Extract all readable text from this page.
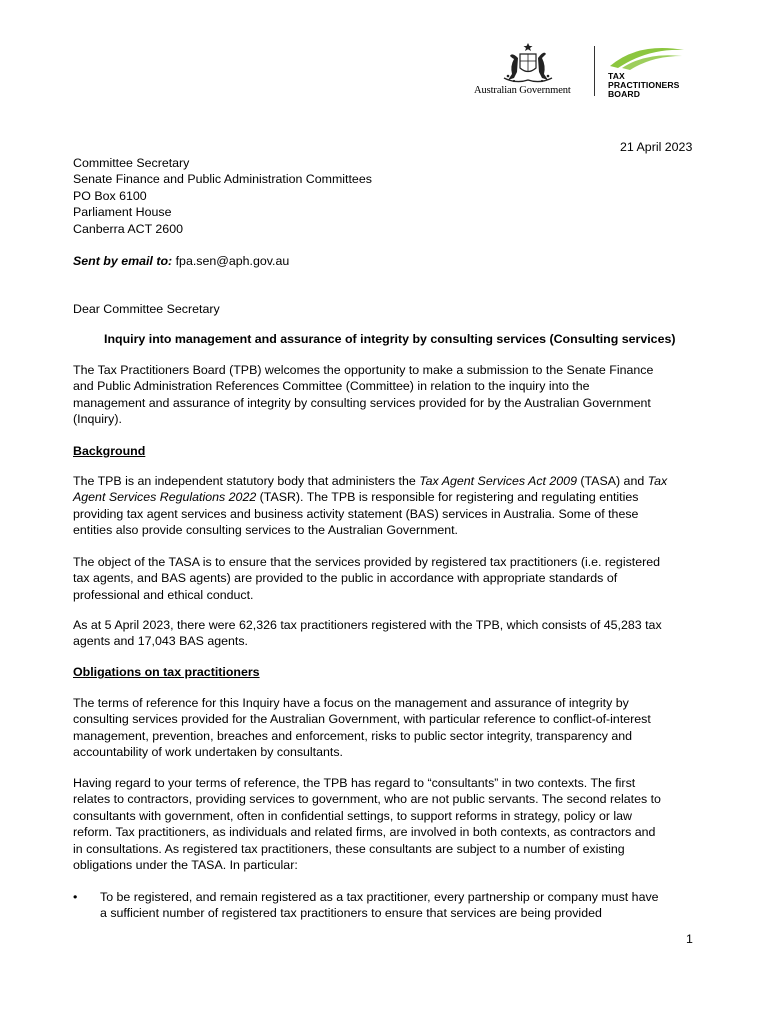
Australian Government
TAX
PRACTITIONERS
BOARD
21 April 2023
Committee Secretary
Senate Finance and Public Administration Committees
PO Box 6100
Parliament House
Canberra ACT 2600
Sent by email to: fpa.sen@aph.gov.au
Dear Committee Secretary
Inquiry into management and assurance of integrity by consulting services (Consulting services)
The Tax Practitioners Board (TPB) welcomes the opportunity to make a submission to the Senate Finance
and Public Administration References Committee (Committee) in relation to the inquiry into the
management and assurance of integrity by consulting services provided for by the Australian Government
(Inquiry).
Background
The TPB is an independent statutory body that administers the Tax Agent Services Act 2009 (TASA) and Tax
Agent Services Regulations 2022 (TASR). The TPB is responsible for registering and regulating entities
providing tax agent services and business activity statement (BAS) services in Australia. Some of these
entities also provide consulting services to the Australian Government.
The object of the TASA is to ensure that the services provided by registered tax practitioners (i.e. registered
tax agents, and BAS agents) are provided to the public in accordance with appropriate standards of
professional and ethical conduct.
As at 5 April 2023, there were 62,326 tax practitioners registered with the TPB, which consists of 45,283 tax
agents and 17,043 BAS agents.
Obligations on tax practitioners
The terms of reference for this Inquiry have a focus on the management and assurance of integrity by
consulting services provided for the Australian Government, with particular reference to conflict-of-interest
management, prevention, breaches and enforcement, risks to public sector integrity, transparency and
accountability of work undertaken by consultants.
Having regard to your terms of reference, the TPB has regard to “consultants” in two contexts. The first
relates to contractors, providing services to government, who are not public servants. The second relates to
consultants with government, often in confidential settings, to support reforms in strategy, policy or law
reform. Tax practitioners, as individuals and related firms, are involved in both contexts, as contractors and
in consultations. As registered tax practitioners, these consultants are subject to a number of existing
obligations under the TASA. In particular:
• To be registered, and remain registered as a tax practitioner, every partnership or company must have
a sufficient number of registered tax practitioners to ensure that services are being provided
1
